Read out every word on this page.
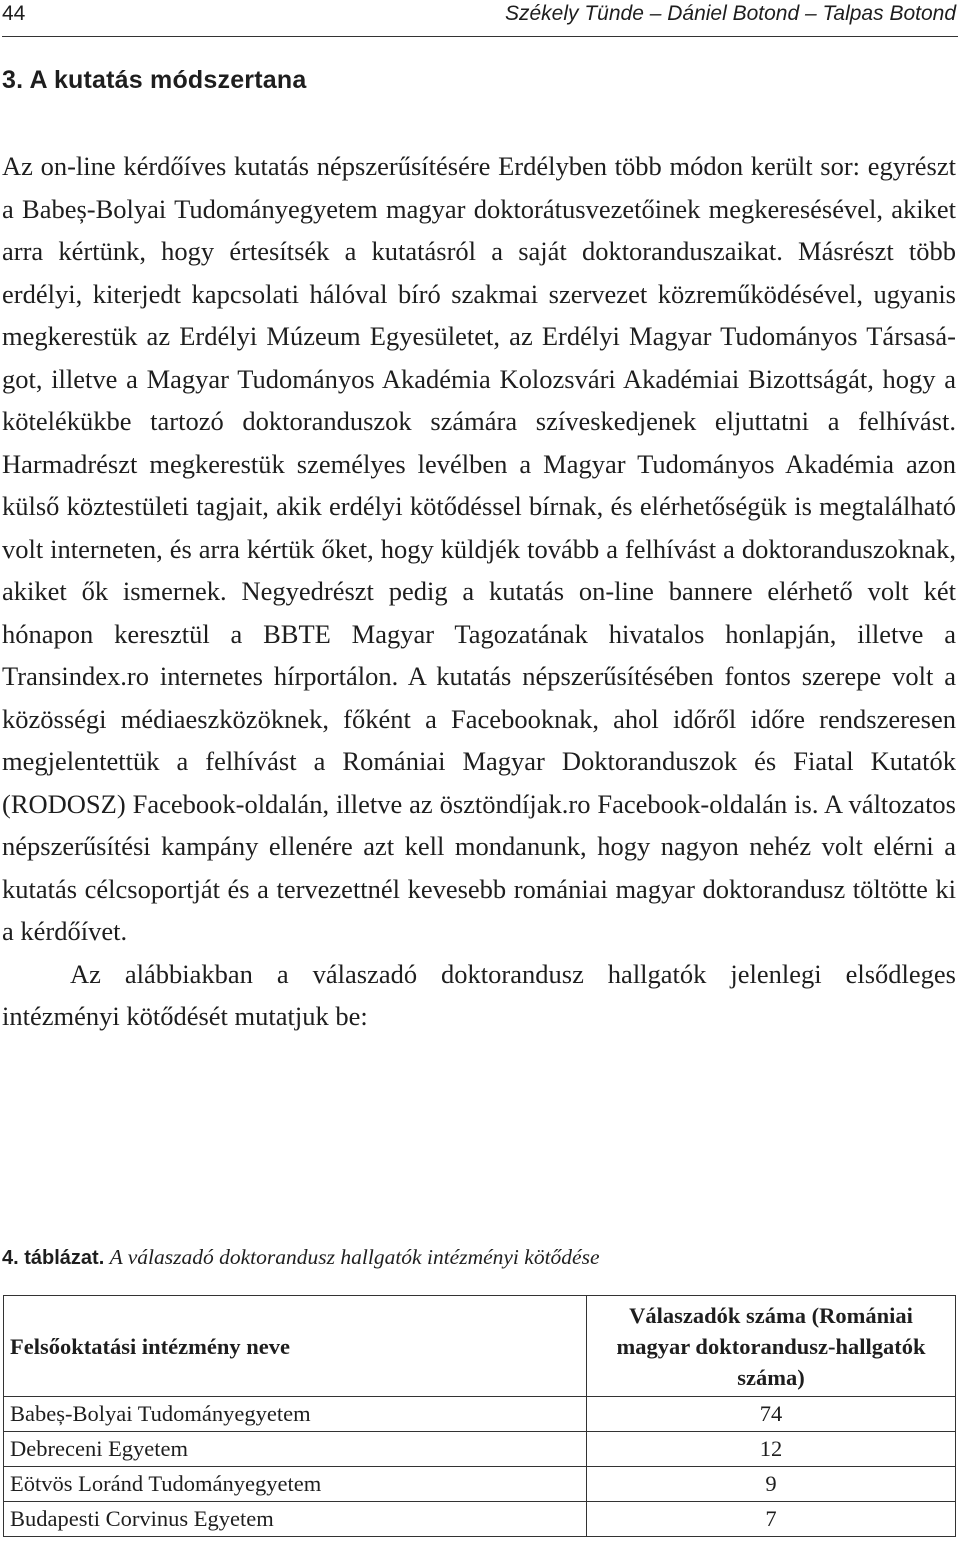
44	Székely Tünde – Dániel Botond – Talpas Botond
3. A kutatás módszertana

Az on-line kérdőíves kutatás népszerűsítésére Erdélyben több módon került sor: egyrészt a Babeș-Bolyai Tudományegyetem magyar doktorátusvezetőinek megkeresésével, akiket arra kértünk, hogy értesítsék a kutatásról a saját doktoranduszaikat. Másrészt több erdélyi, kiterjedt kapcsolati hálóval bíró szakmai szervezet közreműködésével, ugyanis megkerestük az Erdélyi Múzeum Egyesületet, az Erdélyi Magyar Tudományos Társaságot, illetve a Magyar Tudományos Akadémia Kolozsvári Akadémiai Bizottságát, hogy a kötelékükbe tartozó doktoranduszok számára szíveskedjenek eljuttatni a felhívást. Harmadrészt megkerestük személyes levélben a Magyar Tudományos Akadémia azon külső köztestületi tagjait, akik erdélyi kötődéssel bírnak, és elérhetőségük is megtalálható volt interneten, és arra kértük őket, hogy küldjék tovább a felhívást a doktoranduszoknak, akiket ők ismernek. Negyedrészt pedig a kutatás on-line bannere elérhető volt két hónapon keresztül a BBTE Magyar Tagozatának hivatalos honlapján, illetve a Transindex.ro internetes hírportálon. A kutatás népszerűsítésében fontos szerepe volt a közösségi médiaeszközöknek, főként a Facebooknak, ahol időről időre rendszeresen megjelentettük a felhívást a Romániai Magyar Doktoranduszok és Fiatal Kutatók (RODOSZ) Facebook-oldalán, illetve az ösztöndíjak.ro Facebook-oldalán is. A változatos népszerűsítési kampány ellenére azt kell mondanunk, hogy nagyon nehéz volt elérni a kutatás célcsoportját és a tervezettnél kevesebb romániai magyar doktorandusz töltötte ki a kérdőívet.

Az alábbiakban a válaszadó doktorandusz hallgatók jelenlegi elsődleges intézményi kötődését mutatjuk be:

4. táblázat. A válaszadó doktorandusz hallgatók intézményi kötődése
Felsőoktatási intézmény neve	Válaszadók száma (Romániai magyar doktorandusz-hallgatók száma)
Babeș-Bolyai Tudományegyetem	74
Debreceni Egyetem	12
Eötvös Loránd Tudományegyetem	9
Budapesti Corvinus Egyetem	7
